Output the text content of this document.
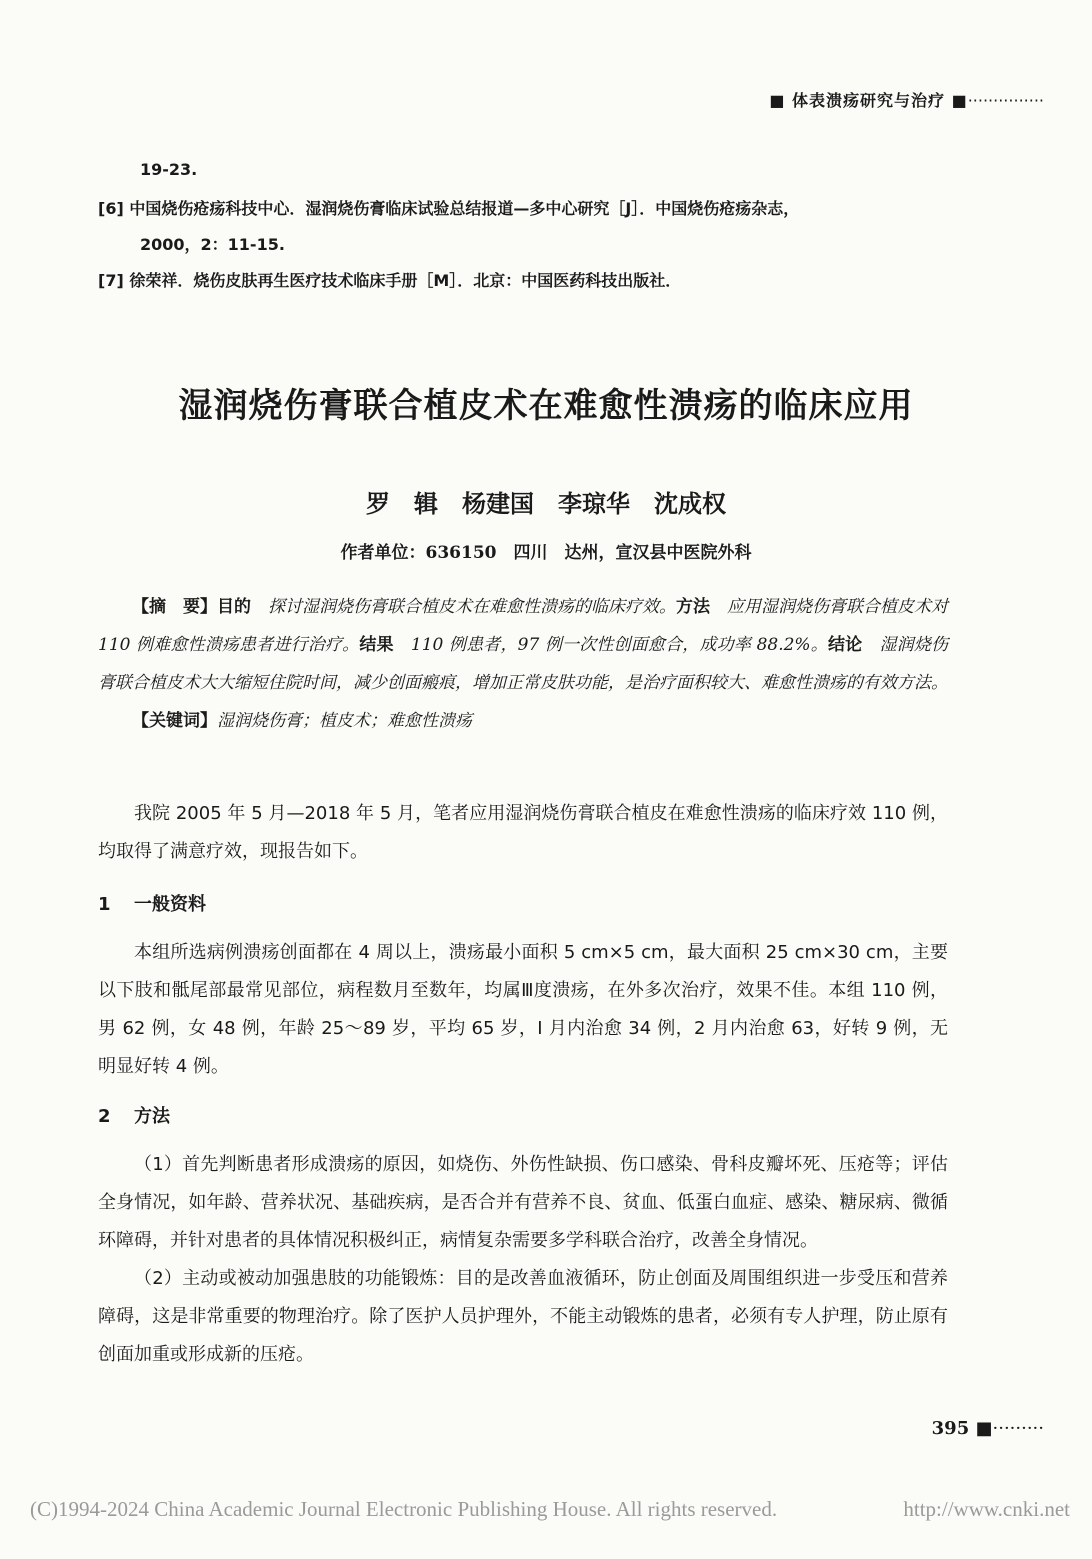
■ 体表溃疡研究与治疗 ■···············
19-23.
[6] 中国烧伤疮疡科技中心．湿润烧伤膏临床试验总结报道—多中心研究［J］．中国烧伤疮疡杂志，
2000，2：11-15.
[7] 徐荣祥．烧伤皮肤再生医疗技术临床手册［M］．北京：中国医药科技出版社．
湿润烧伤膏联合植皮术在难愈性溃疡的临床应用
罗　辑　杨建国　李琼华　沈成权
作者单位：636150　四川　达州，宣汉县中医院外科

【摘　要】目的　探讨湿润烧伤膏联合植皮术在难愈性溃疡的临床疗效。方法　应用湿润烧伤膏联合植皮术对 110 例难愈性溃疡患者进行治疗。结果　110 例患者，97 例一次性创面愈合，成功率 88.2%。结论　湿润烧伤膏联合植皮术大大缩短住院时间，减少创面瘢痕，增加正常皮肤功能，是治疗面积较大、难愈性溃疡的有效方法。

【关键词】湿润烧伤膏；植皮术；难愈性溃疡

我院 2005 年 5 月—2018 年 5 月，笔者应用湿润烧伤膏联合植皮在难愈性溃疡的临床疗效 110 例，均取得了满意疗效，现报告如下。

1 一般资料

本组所选病例溃疡创面都在 4 周以上，溃疡最小面积 5 cm×5 cm，最大面积 25 cm×30 cm，主要以下肢和骶尾部最常见部位，病程数月至数年，均属Ⅲ度溃疡，在外多次治疗，效果不佳。本组 110 例，男 62 例，女 48 例，年龄 25～89 岁，平均 65 岁，I 月内治愈 34 例，2 月内治愈 63，好转 9 例，无明显好转 4 例。

2 方法

（1）首先判断患者形成溃疡的原因，如烧伤、外伤性缺损、伤口感染、骨科皮瓣坏死、压疮等；评估全身情况，如年龄、营养状况、基础疾病，是否合并有营养不良、贫血、低蛋白血症、感染、糖尿病、微循环障碍，并针对患者的具体情况积极纠正，病情复杂需要多学科联合治疗，改善全身情况。

（2）主动或被动加强患肢的功能锻炼：目的是改善血液循环，防止创面及周围组织进一步受压和营养障碍，这是非常重要的物理治疗。除了医护人员护理外，不能主动锻炼的患者，必须有专人护理，防止原有创面加重或形成新的压疮。

395 ■·········
(C)1994-2024 China Academic Journal Electronic Publishing House. All rights reserved.	http://www.cnki.net
